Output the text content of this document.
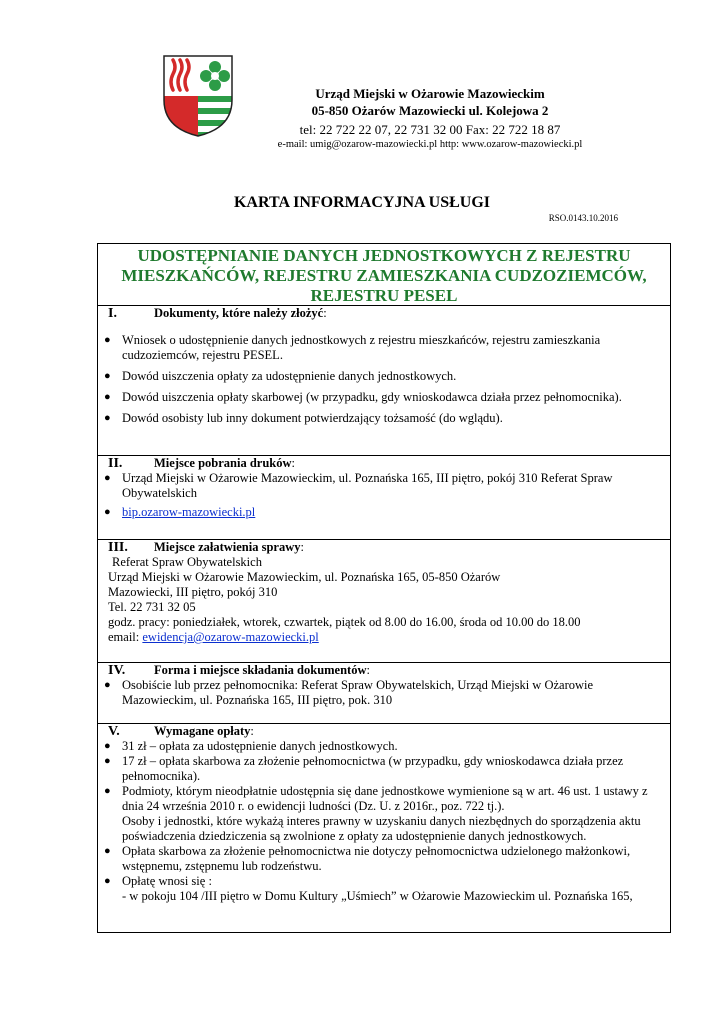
Urząd Miejski w Ożarowie Mazowieckim
05-850 Ożarów Mazowiecki ul. Kolejowa 2
tel: 22 722 22 07, 22 731 32 00 Fax: 22 722 18 87
e-mail: umig@ozarow-mazowiecki.pl http: www.ozarow-mazowiecki.pl
KARTA INFORMACYJNA USŁUGI
RSO.0143.10.2016
UDOSTĘPNIANIE DANYCH JEDNOSTKOWYCH Z REJESTRU
MIESZKAŃCÓW, REJESTRU ZAMIESZKANIA CUDZOZIEMCÓW,
REJESTRU PESEL
I.	Dokumenty, które należy złożyć:
● Wniosek o udostępnienie danych jednostkowych z rejestru mieszkańców, rejestru zamieszkania cudzoziemców, rejestru PESEL.
● Dowód uiszczenia opłaty za udostępnienie danych jednostkowych.
● Dowód uiszczenia opłaty skarbowej (w przypadku, gdy wnioskodawca działa przez pełnomocnika).
● Dowód osobisty lub inny dokument potwierdzający tożsamość (do wglądu).
II.	Miejsce pobrania druków:
● Urząd Miejski w Ożarowie Mazowieckim, ul. Poznańska 165, III piętro, pokój 310 Referat Spraw Obywatelskich
● bip.ozarow-mazowiecki.pl
III. Miejsce załatwienia sprawy:
Referat Spraw Obywatelskich
Urząd Miejski w Ożarowie Mazowieckim, ul. Poznańska 165, 05-850 Ożarów
Mazowiecki, III piętro, pokój 310
Tel. 22 731 32 05
godz. pracy: poniedziałek, wtorek, czwartek, piątek od 8.00 do 16.00, środa od 10.00 do 18.00
email: ewidencja@ozarow-mazowiecki.pl
IV. Forma i miejsce składania dokumentów:
● Osobiście lub przez pełnomocnika: Referat Spraw Obywatelskich, Urząd Miejski w Ożarowie Mazowieckim, ul. Poznańska 165, III piętro, pok. 310
V.	Wymagane opłaty:
● 31 zł – opłata za udostępnienie danych jednostkowych.
● 17 zł – opłata skarbowa za złożenie pełnomocnictwa (w przypadku, gdy wnioskodawca działa przez pełnomocnika).
● Podmioty, którym nieodpłatnie udostępnia się dane jednostkowe wymienione są w art. 46 ust. 1 ustawy z dnia 24 września 2010 r. o ewidencji ludności (Dz. U. z 2016r., poz. 722 tj.).
Osoby i jednostki, które wykażą interes prawny w uzyskaniu danych niezbędnych do sporządzenia aktu poświadczenia dziedziczenia są zwolnione z opłaty za udostępnienie danych jednostkowych.
● Opłata skarbowa za złożenie pełnomocnictwa nie dotyczy pełnomocnictwa udzielonego małżonkowi, wstępnemu, zstępnemu lub rodzeństwu.
● Opłatę wnosi się :
- w pokoju 104 /III piętro w Domu Kultury „Uśmiech” w Ożarowie Mazowieckim ul. Poznańska 165,
